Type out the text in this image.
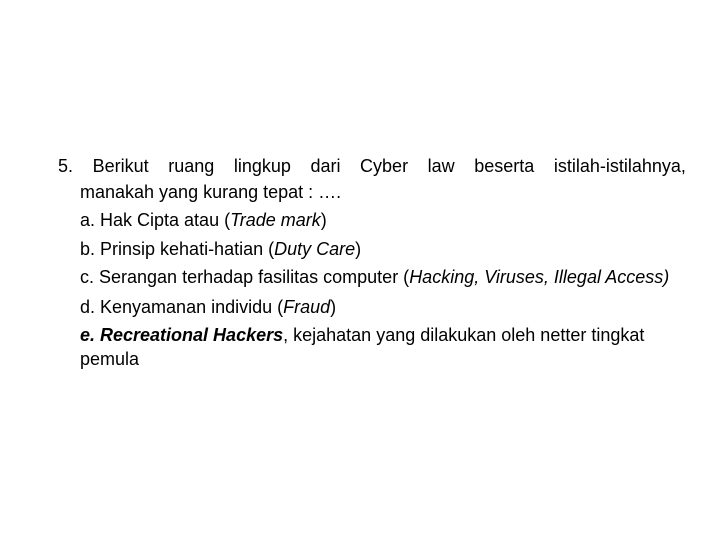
5. Berikut ruang lingkup dari Cyber law beserta istilah-istilahnya,
manakah yang kurang tepat : ….
a. Hak Cipta atau (Trade mark)
b. Prinsip kehati-hatian (Duty Care)
c. Serangan terhadap fasilitas computer (Hacking, Viruses, Illegal Access)
d. Kenyamanan individu (Fraud)
e. Recreational Hackers, kejahatan yang dilakukan oleh netter tingkat pemula
